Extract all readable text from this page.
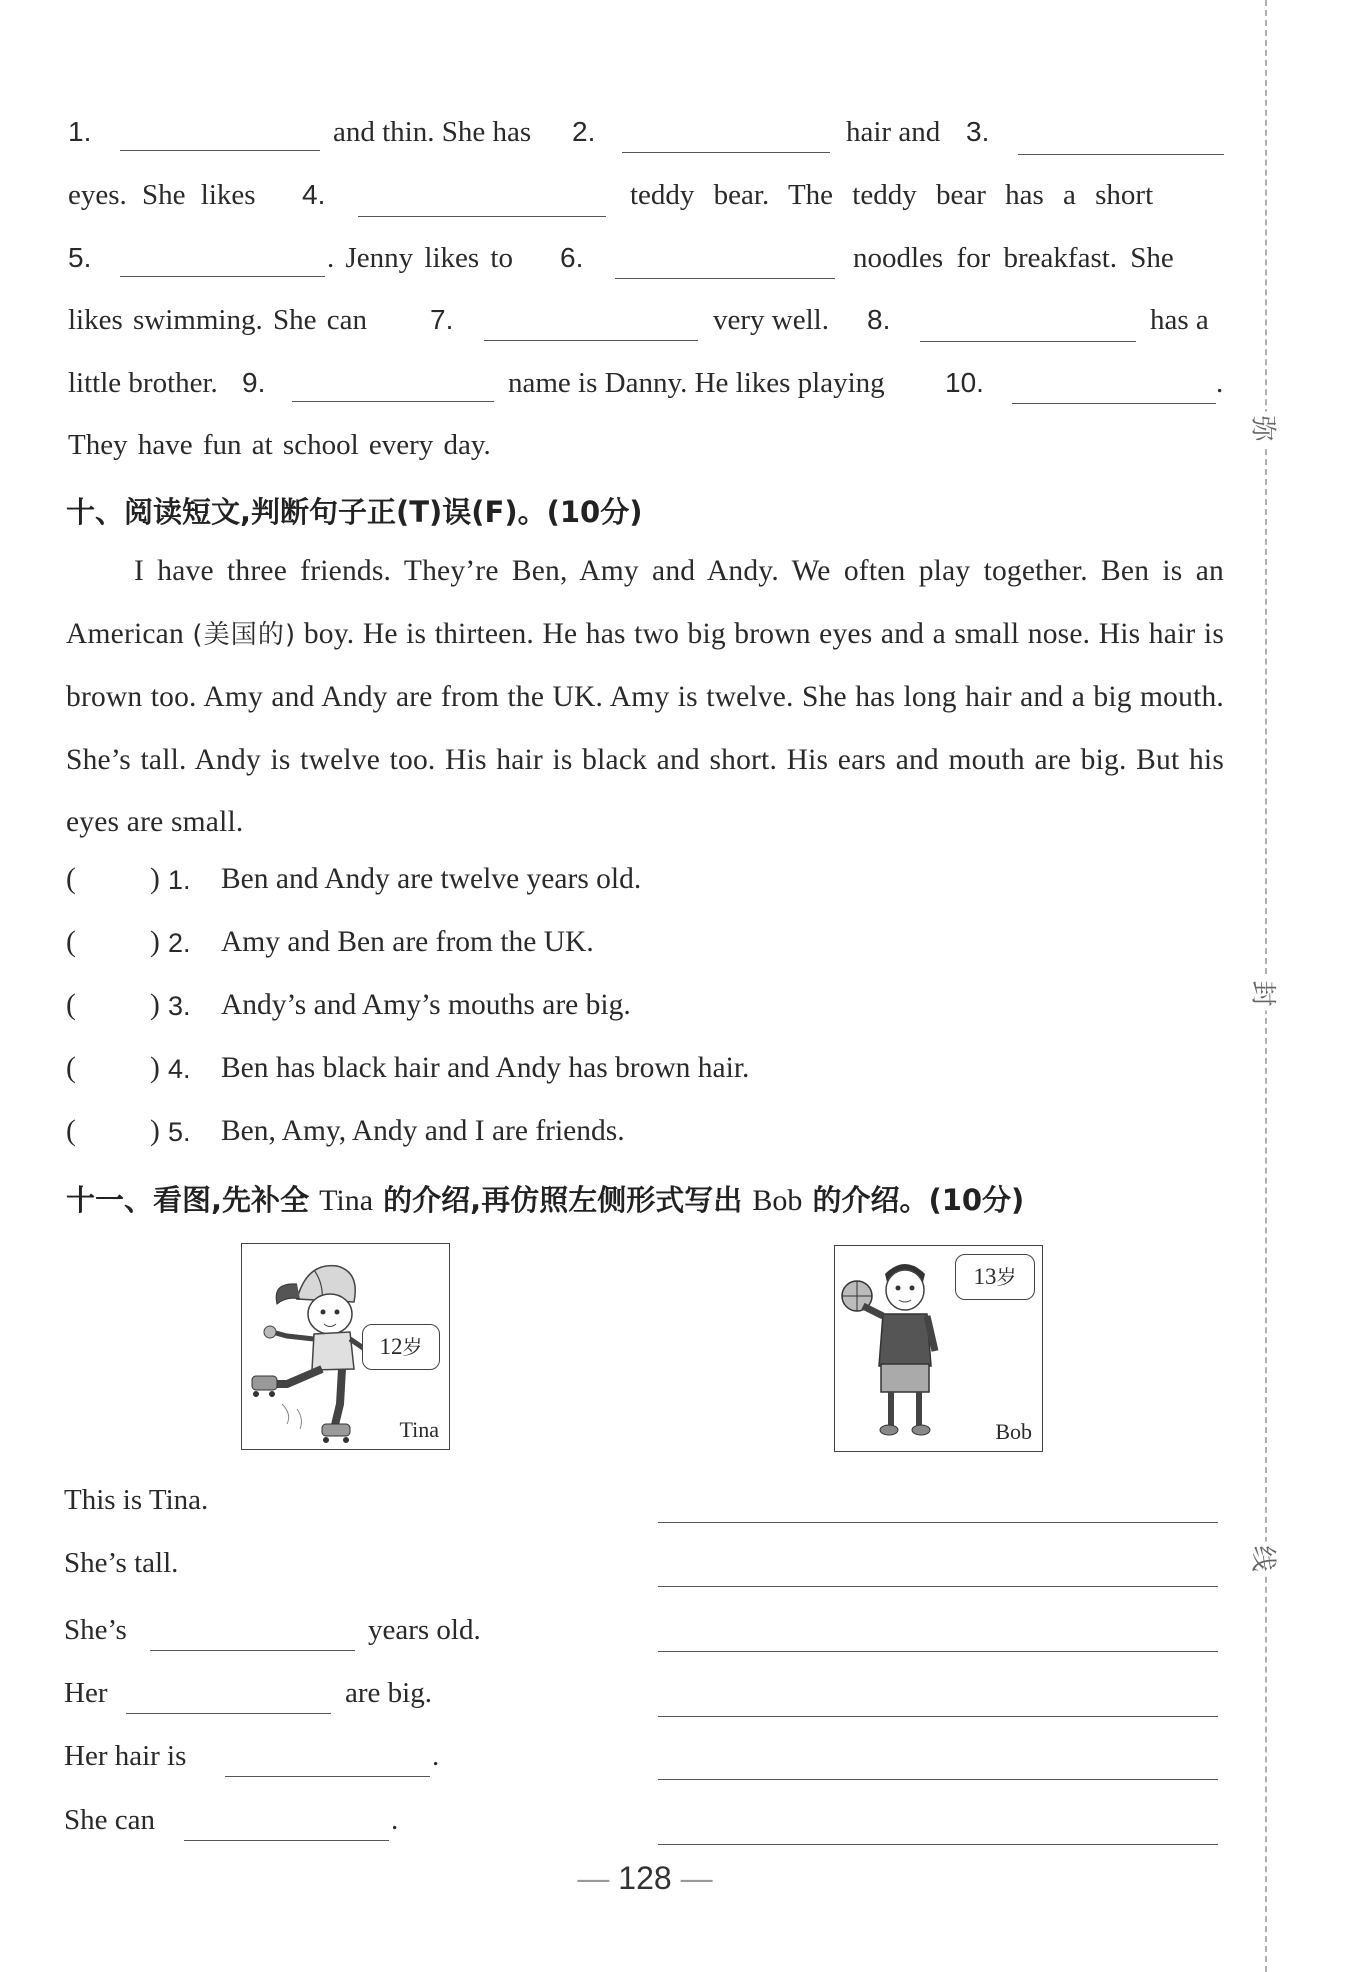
弥
封
线
1.	and thin. She has 2.	hair and 3.
eyes. She likes 4.	teddy bear. The teddy bear has a short
5.	. Jenny likes to 6.	noodles for breakfast. She
likes swimming. She can 7.	very well. 8.	has a
little brother. 9.	name is Danny. He likes playing 10.	.
They have fun at school every day.
十、阅读短文,判断句子正(T)误(F)。(10分)
I have three friends. They’re Ben, Amy and Andy. We often play together. Ben is an American (美国的) boy. He is thirteen. He has two big brown eyes and a small nose. His hair is brown too. Amy and Andy are from the UK. Amy is twelve. She has long hair and a big mouth. She’s tall. Andy is twelve too. His hair is black and short. His ears and mouth are big. But his eyes are small.
(	) 1. Ben and Andy are twelve years old.
(	) 2. Amy and Ben are from the UK.
(	) 3. Andy’s and Amy’s mouths are big.
(	) 4. Ben has black hair and Andy has brown hair.
(	) 5. Ben, Amy, Andy and I are friends.
十一、看图,先补全 Tina 的介绍,再仿照左侧形式写出 Bob 的介绍。(10分)
12岁
Tina
13岁
Bob
This is Tina.
She’s tall.
She’s	years old.
Her	are big.
Her hair is	.
She can	.
— 128 —
